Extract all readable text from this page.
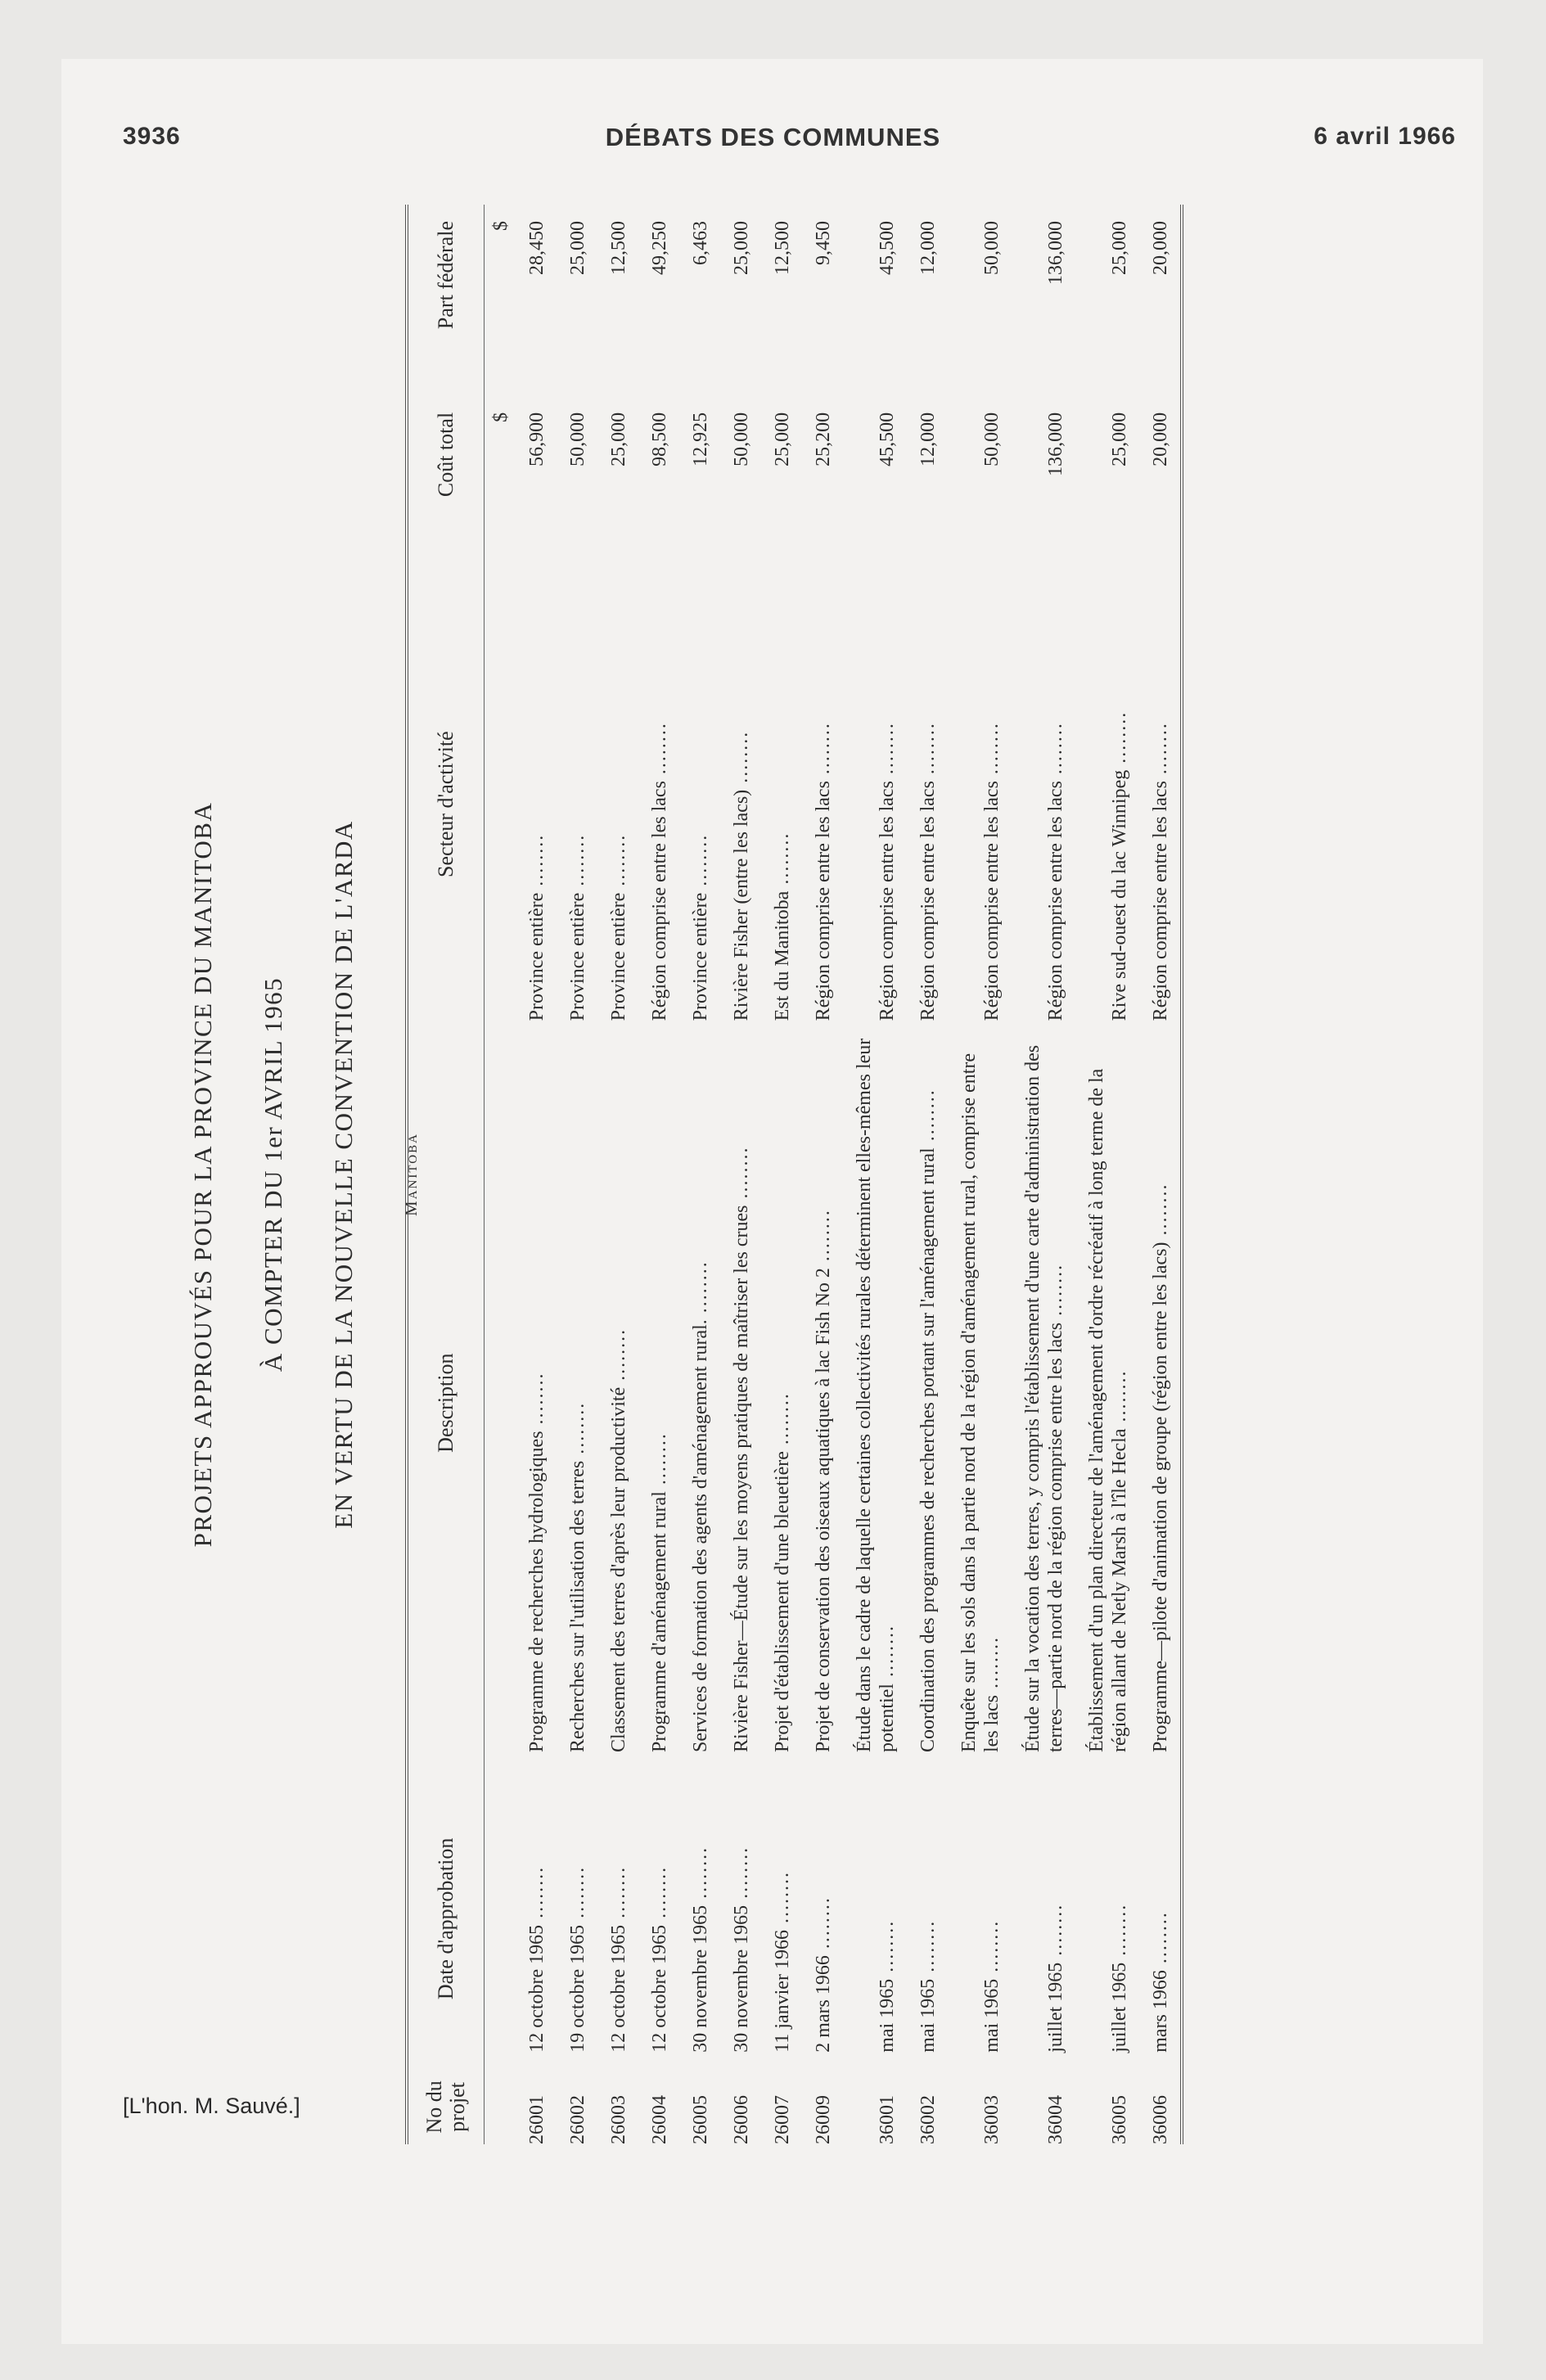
3936	DÉBATS DES COMMUNES	6 avril 1966
PROJETS APPROUVÉS POUR LA PROVINCE DU MANITOBA	À COMPTER DU 1er AVRIL 1965	EN VERTU DE LA NOUVELLE CONVENTION DE L'ARDA	Manitoba
No du projet	Date d'approbation	Description	Secteur d'activité	Coût total	Part fédérale
				$	$
26001	12 octobre 1965 ........	Programme de recherches hydrologiques ........	Province entière ........	56,900	28,450
26002	19 octobre 1965 ........	Recherches sur l'utilisation des terres ........	Province entière ........	50,000	25,000
26003	12 octobre 1965 ........	Classement des terres d'après leur productivité ........	Province entière ........	25,000	12,500
26004	12 octobre 1965 ........	Programme d'aménagement rural ........	Région comprise entre les lacs ........	98,500	49,250
26005	30 novembre 1965 ........	Services de formation des agents d'aménagement rural. ........	Province entière ........	12,925	6,463
26006	30 novembre 1965 ........	Rivière Fisher—Étude sur les moyens pratiques de maîtriser les crues ........	Rivière Fisher (entre les lacs) ........	50,000	25,000
26007	11 janvier 1966 ........	Projet d'établissement d'une bleuetière ........	Est du Manitoba ........	25,000	12,500
26009	2 mars 1966 ........	Projet de conservation des oiseaux aquatiques à lac Fish No 2 ........	Région comprise entre les lacs ........	25,200	9,450
36001	mai 1965 ........	Étude dans le cadre de laquelle certaines collectivités rurales déterminent elles-mêmes leur potentiel ........	Région comprise entre les lacs ........	45,500	45,500
36002	mai 1965 ........	Coordination des programmes de recherches portant sur l'aménagement rural ........	Région comprise entre les lacs ........	12,000	12,000
36003	mai 1965 ........	Enquête sur les sols dans la partie nord de la région d'aménagement rural, comprise entre les lacs ........	Région comprise entre les lacs ........	50,000	50,000
36004	juillet 1965 ........	Étude sur la vocation des terres, y compris l'établissement d'une carte d'administration des terres—partie nord de la région comprise entre les lacs ........	Région comprise entre les lacs ........	136,000	136,000
36005	juillet 1965 ........	Établissement d'un plan directeur de l'aménagement d'ordre récréatif à long terme de la région allant de Netly Marsh à l'île Hecla ........	Rive sud-ouest du lac Winnipeg ........	25,000	25,000
36006	mars 1966 ........	Programme—pilote d'animation de groupe (région entre les lacs) ........	Région comprise entre les lacs ........	20,000	20,000
[L'hon. M. Sauvé.]
